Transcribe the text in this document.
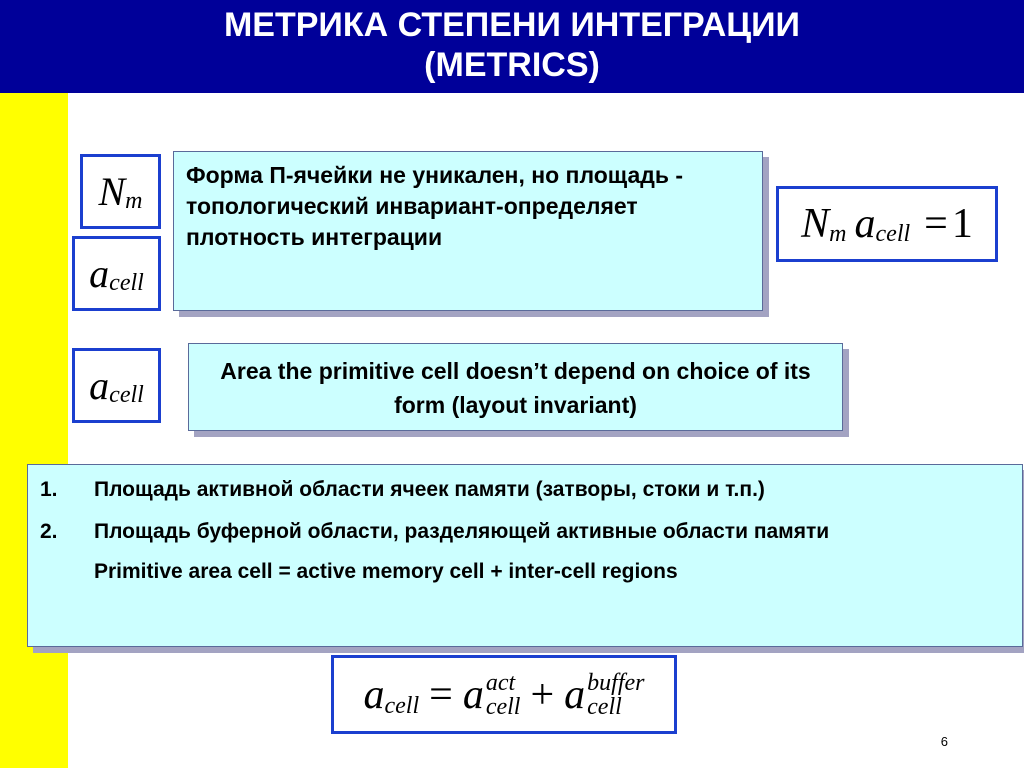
МЕТРИКА СТЕПЕНИ ИНТЕГРАЦИИ
(METRICS)
N m
a cell
Форма П-ячейки не уникален, но площадь - топологический инвариант-определяет плотность интеграции	N m a cell = 1
a cell
Area the primitive cell doesn’t depend on choice of its form (layout invariant)
1.	Площадь активной области ячеек памяти (затворы, стоки и т.п.)
2.	Площадь буферной области, разделяющей активные области памяти
Primitive area cell = active memory cell + inter-cell regions
a cell = a act
cell + a buffer
cell
6
